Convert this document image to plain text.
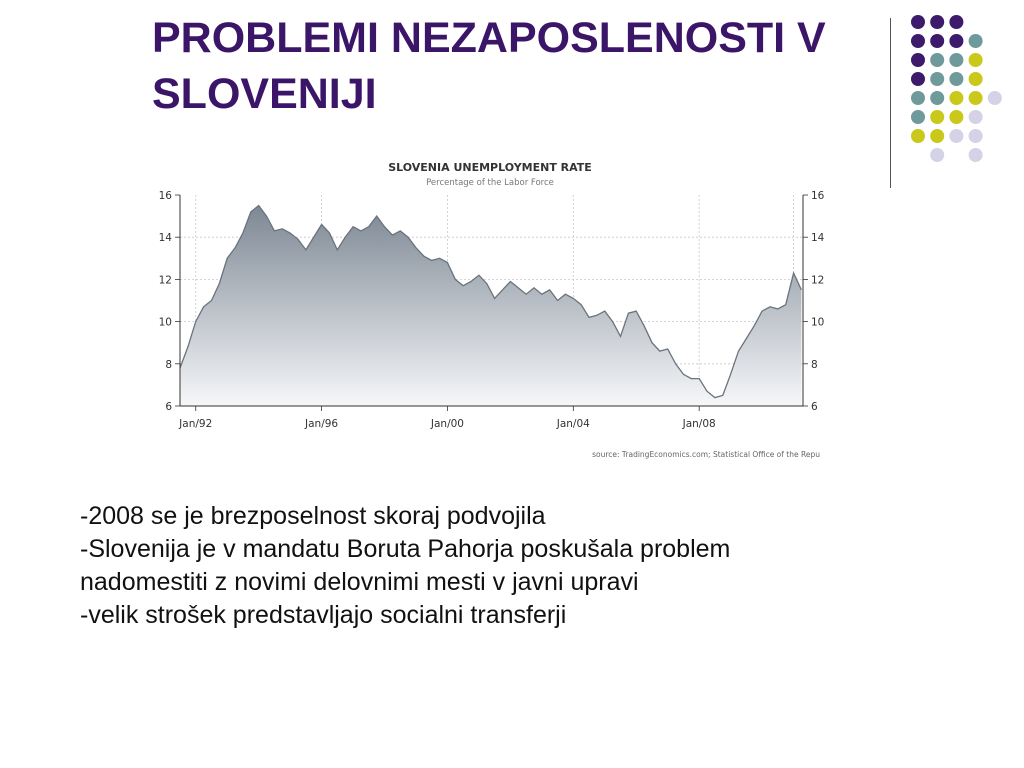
PROBLEMI NEZAPOSLENOSTI V
SLOVENIJI
SLOVENIA UNEMPLOYMENT RATE
Percentage of the Labor Force
6	6
8	8
10	10
12	12
14	14
16	16
Jan/92	Jan/96	Jan/00	Jan/04	Jan/08
source: TradingEconomics.com; Statistical Office of the Repu

-2008 se je brezposelnost skoraj podvojila

-Slovenija je v mandatu Boruta Pahorja poskušala problem

nadomestiti z novimi delovnimi mesti v javni upravi

-velik strošek predstavljajo socialni transferji
